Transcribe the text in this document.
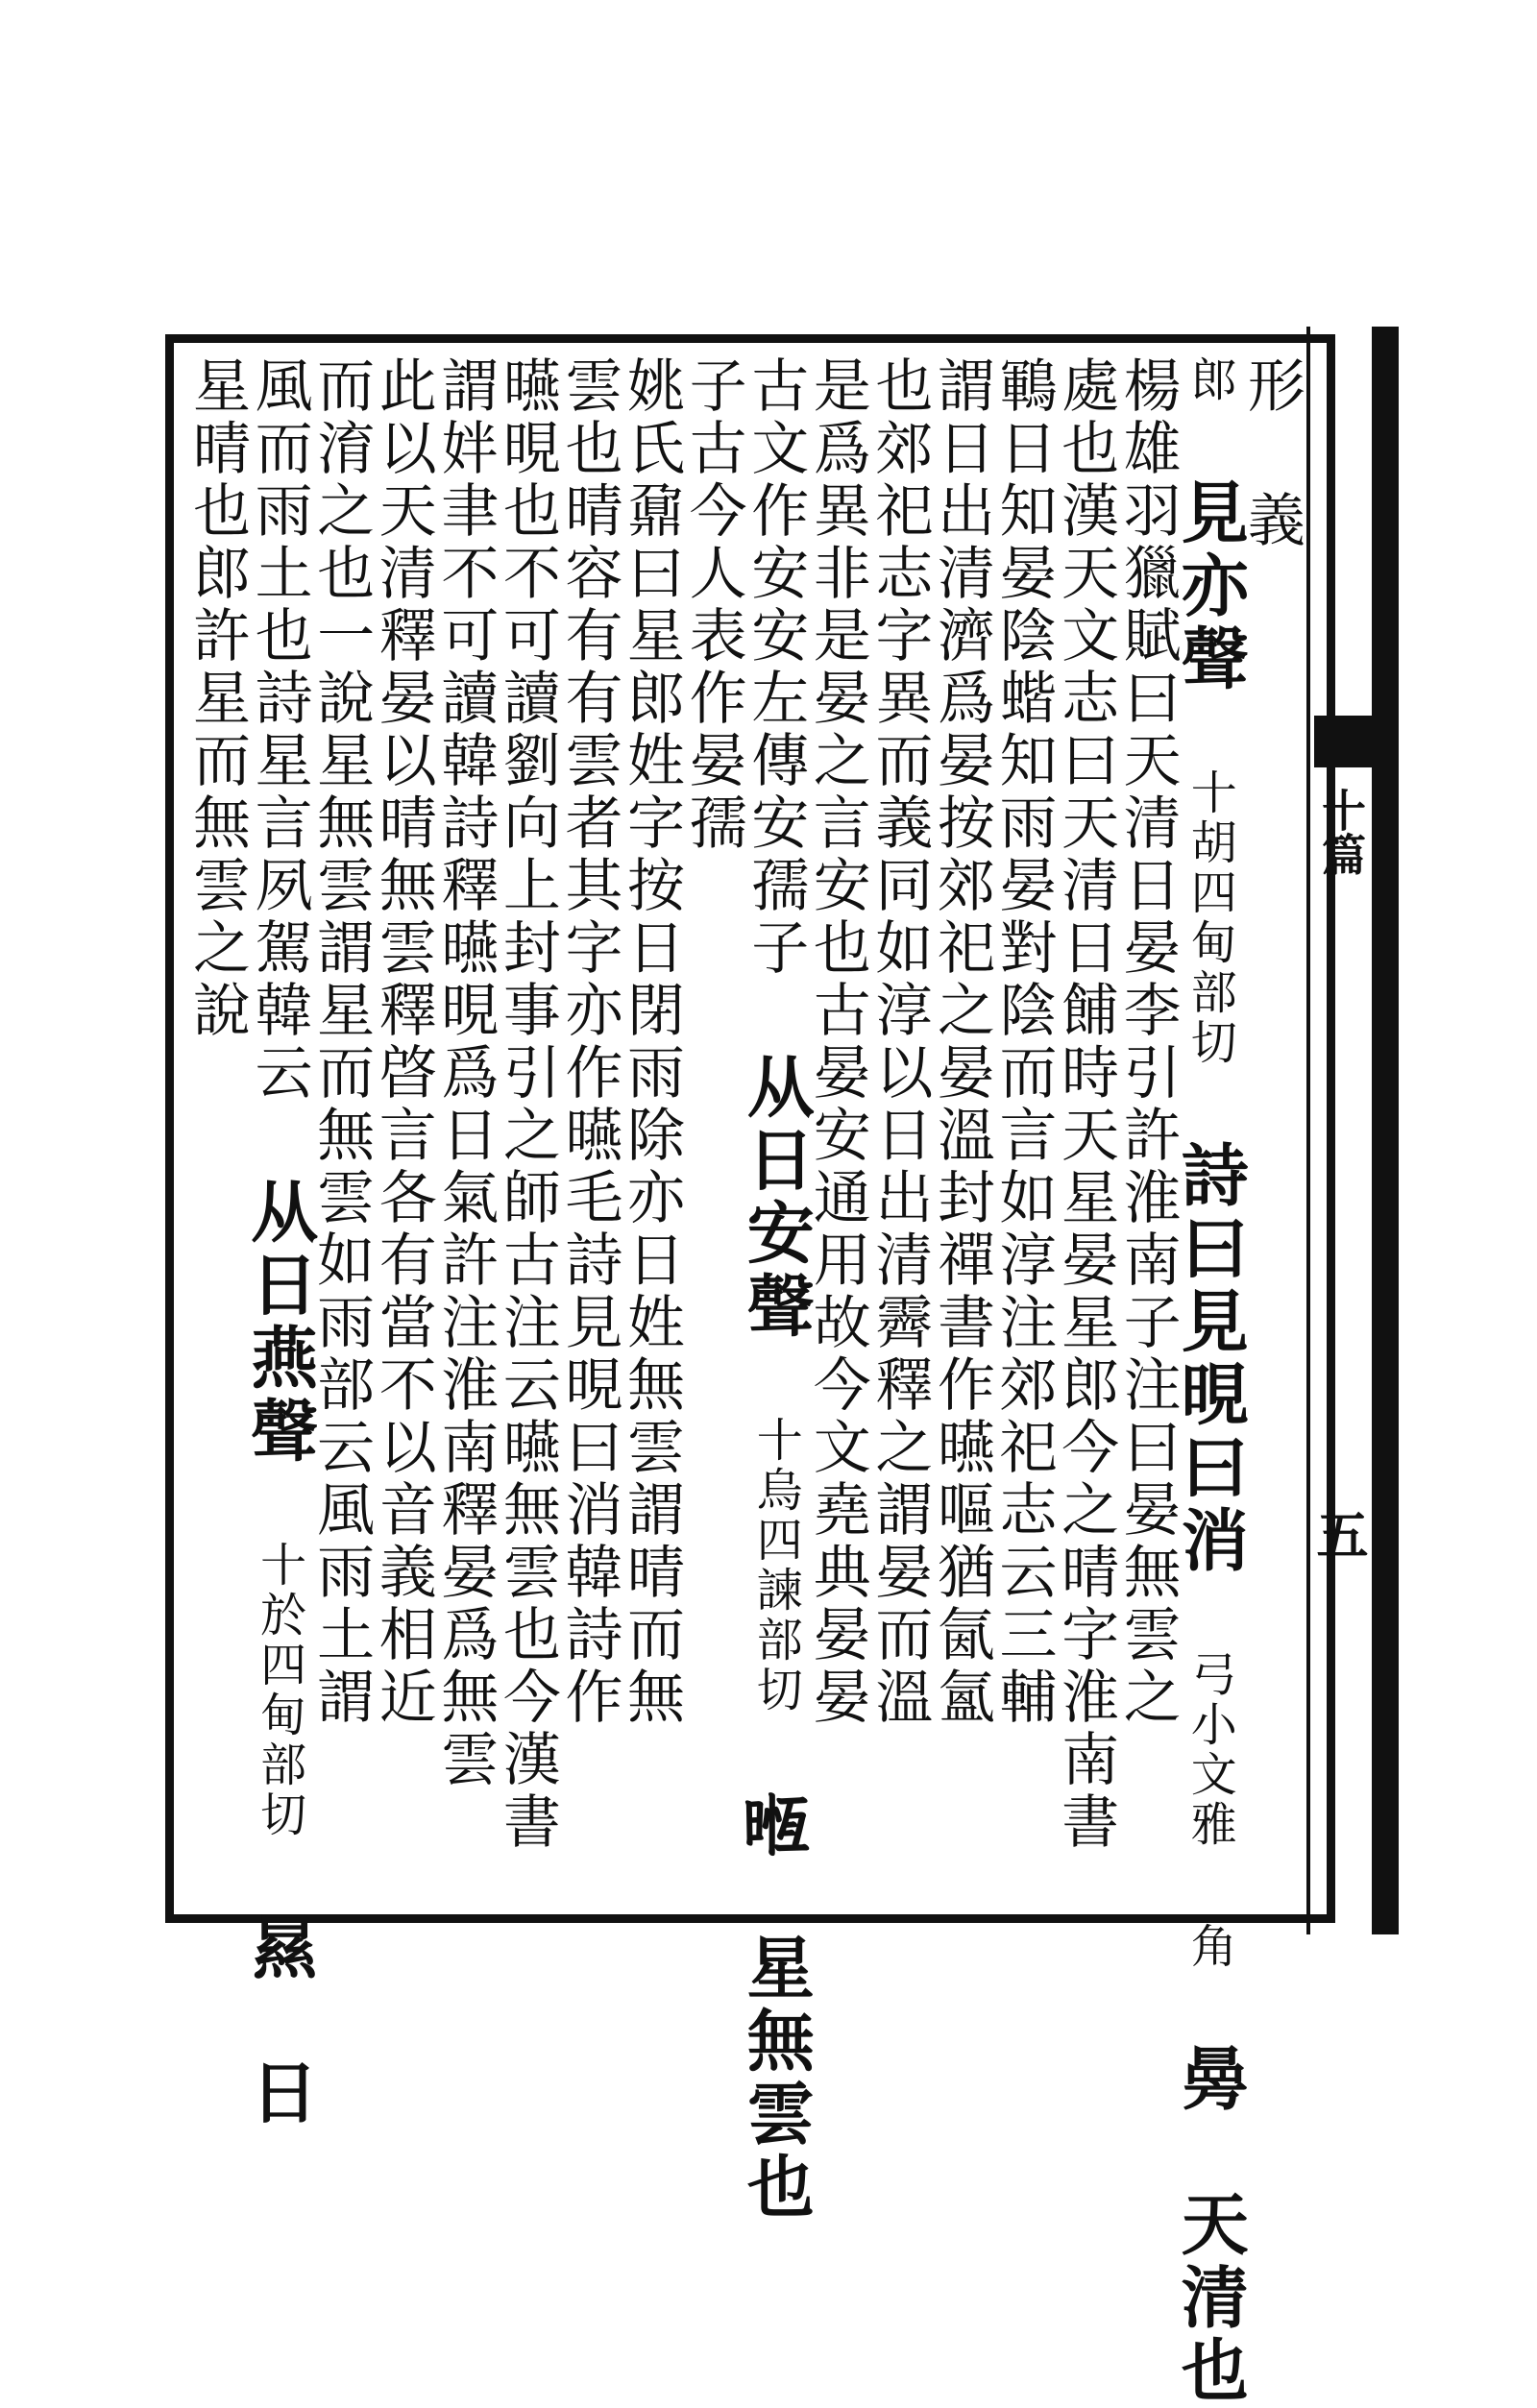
十篇
五
形 義
郎 見亦聲 十胡四甸部切 詩曰見晛曰消 弓小文雅 角 㬅 天清也
楊雄羽獵賦曰天清日晏李引許淮南子注曰晏無雲之
處也漢天文志曰天清日餔時天星晏星郎今之晴字淮南書
鶤日知晏陰蝔知雨晏對陰而言如淳注郊祀志云三輔
謂日出清濟爲晏按郊祀之晏溫封禪書作曣嘔猶氤氳
也郊祀志字異而義同如淳以日出清霽釋之謂晏而溫
是爲異非是晏之言安也古晏安通用故今文堯典晏晏
古文作安安左傳安孺子 从日安聲 十烏四諫部切 𣈶 星無雲也
子古今人表作晏孺
姚氏鼐曰星郎姓字按日閉雨除亦日姓無雲謂晴而無
雲也晴容有有雲者其字亦作曣毛詩見晛曰消韓詩作
曣晛也不可讀劉向上封事引之師古注云曣無雲也今漢書
謂姅聿不可讀韓詩釋曣晛爲日氣許注淮南釋晏爲無雲
此以天清釋晏以晴無雲釋晵言各有當不以音義相近
而淯之也一說星無雲謂星而無雲如雨部云風雨土謂
風而雨土也詩星言夙駕韓云 从日燕聲 十於四甸部切 㬎 日
星晴也郎許星而無雲之說
